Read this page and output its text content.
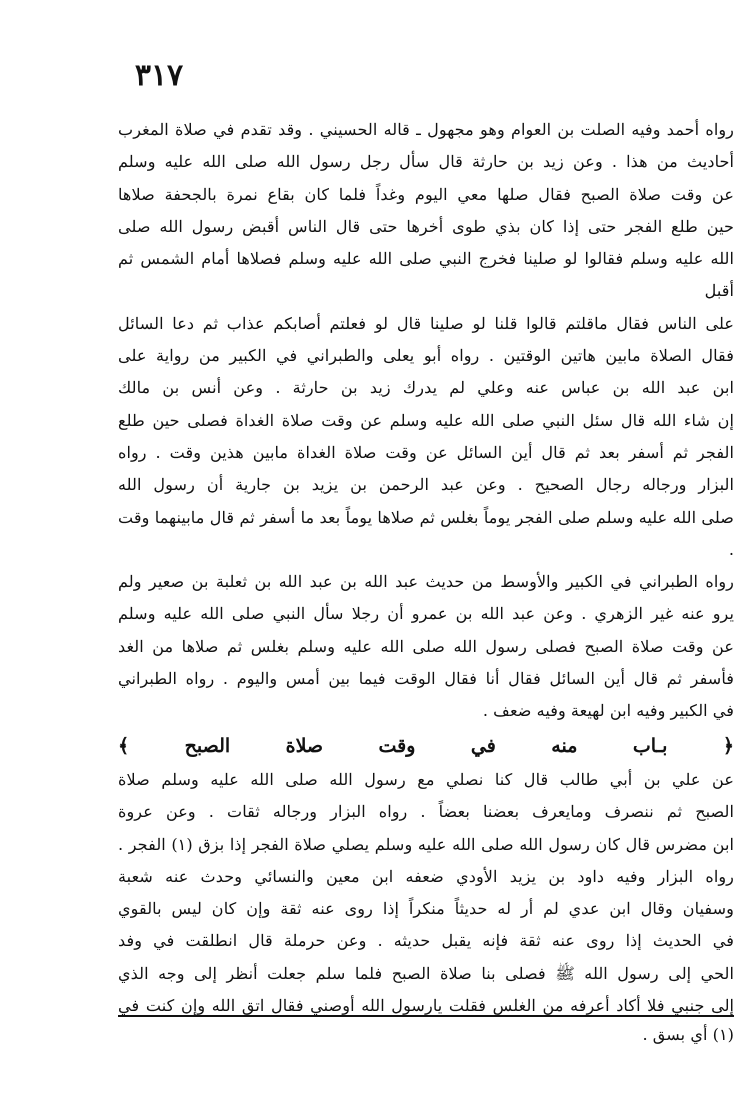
٣١٧

رواه أحمد وفيه الصلت بن العوام وهو مجهول ـ قاله الحسيني . وقد تقدم في صلاة المغرب

أحاديث من هذا . وعن زيد بن حارثة قال سأل رجل رسول الله صلى الله عليه وسلم

عن وقت صلاة الصبح فقال صلها معي اليوم وغداً فلما كان بقاع نمرة بالجحفة صلاها

حين طلع الفجر حتى إذا كان بذي طوى أخرها حتى قال الناس أقبض رسول الله صلى

الله عليه وسلم فقالوا لو صلينا فخرج النبي صلى الله عليه وسلم فصلاها أمام الشمس ثم أقبل

على الناس فقال ماقلتم قالوا قلنا لو صلينا قال لو فعلتم أصابكم عذاب ثم دعا السائل

فقال الصلاة مابين هاتين الوقتين . رواه أبو يعلى والطبراني في الكبير من رواية على

ابن عبد الله بن عباس عنه وعلي لم يدرك زيد بن حارثة . وعن أنس بن مالك

إن شاء الله قال سئل النبي صلى الله عليه وسلم عن وقت صلاة الغداة فصلى حين طلع

الفجر ثم أسفر بعد ثم قال أين السائل عن وقت صلاة الغداة مابين هذين وقت . رواه

البزار ورجاله رجال الصحيح . وعن عبد الرحمن بن يزيد بن جارية أن رسول الله

صلى الله عليه وسلم صلى الفجر يوماً بغلس ثم صلاها يوماً بعد ما أسفر ثم قال مابينهما وقت .

رواه الطبراني في الكبير والأوسط من حديث عبد الله بن عبد الله بن ثعلبة بن صعير ولم

يرو عنه غير الزهري . وعن عبد الله بن عمرو أن رجلا سأل النبي صلى الله عليه وسلم

عن وقت صلاة الصبح فصلى رسول الله صلى الله عليه وسلم بغلس ثم صلاها من الغد

فأسفر ثم قال أين السائل فقال أنا فقال الوقت فيما بين أمس واليوم . رواه الطبراني

في الكبير وفيه ابن لهيعة وفيه ضعف .

﴿ بـاب منه في وقت صلاة الصبح ﴾

عن علي بن أبي طالب قال كنا نصلي مع رسول الله صلى الله عليه وسلم صلاة

الصبح ثم ننصرف ومايعرف بعضنا بعضاً . رواه البزار ورجاله ثقات . وعن عروة

ابن مضرس قال كان رسول الله صلى الله عليه وسلم يصلي صلاة الفجر إذا بزق (١) الفجر .

رواه البزار وفيه داود بن يزيد الأودي ضعفه ابن معين والنسائي وحدث عنه شعبة

وسفيان وقال ابن عدي لم أر له حديثاً منكراً إذا روى عنه ثقة وإن كان ليس بالقوي

في الحديث إذا روى عنه ثقة فإنه يقبل حديثه . وعن حرملة قال انطلقت في وفد

الحي إلى رسول الله ﷺ فصلى بنا صلاة الصبح فلما سلم جعلت أنظر إلى وجه الذي

إلى جنبي فلا أكاد أعرفه من الغلس فقلت يارسول الله أوصني فقال اتق الله وإن كنت في

(١) أي بسق .
